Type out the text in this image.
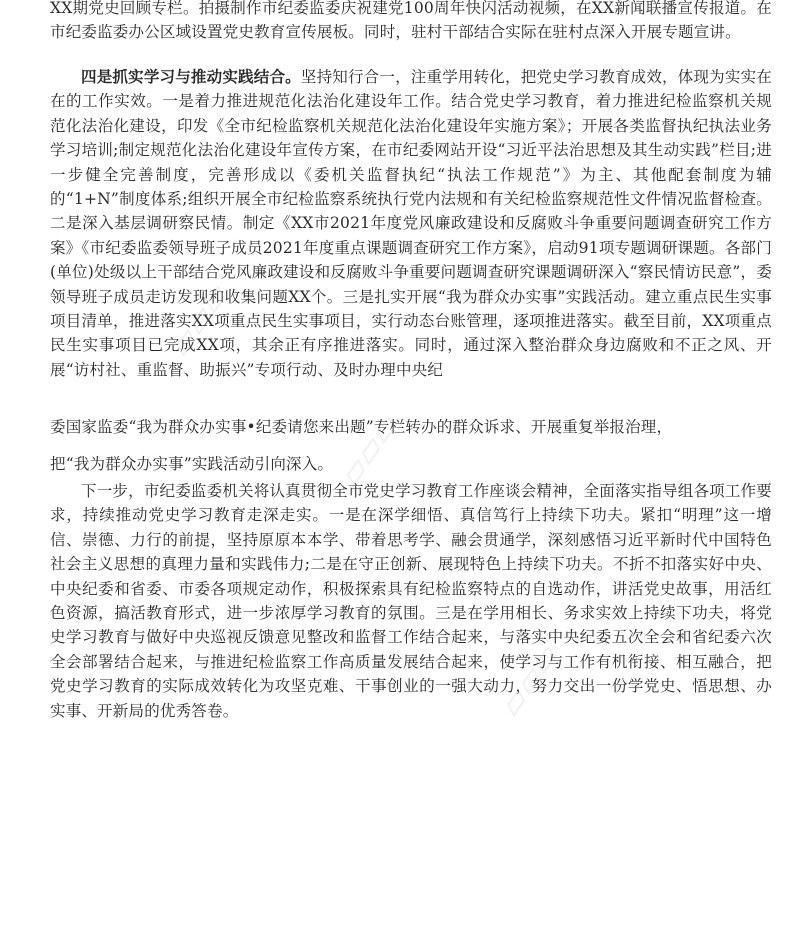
XX期党史回顾专栏。拍摄制作市纪委监委庆祝建党100周年快闪活动视频，在XX新闻联播宣传报道。在市纪委监委办公区域设置党史教育宣传展板。同时，驻村干部结合实际在驻村点深入开展专题宣讲。

四是抓实学习与推动实践结合。坚持知行合一，注重学用转化，把党史学习教育成效，体现为实实在在的工作实效。一是着力推进规范化法治化建设年工作。结合党史学习教育，着力推进纪检监察机关规范化法治化建设，印发《全市纪检监察机关规范化法治化建设年实施方案》；开展各类监督执纪执法业务学习培训;制定规范化法治化建设年宣传方案，在市纪委网站开设“习近平法治思想及其生动实践”栏目;进一步健全完善制度，完善形成以《委机关监督执纪“执法工作规范”》为主、其他配套制度为辅的“1+N”制度体系;组织开展全市纪检监察系统执行党内法规和有关纪检监察规范性文件情况监督检查。二是深入基层调研察民情。制定《XX市2021年度党风廉政建设和反腐败斗争重要问题调查研究工作方案》《市纪委监委领导班子成员2021年度重点课题调查研究工作方案》，启动91项专题调研课题。各部门(单位)处级以上干部结合党风廉政建设和反腐败斗争重要问题调查研究课题调研深入“察民情访民意”，委领导班子成员走访发现和收集问题XX个。三是扎实开展“我为群众办实事”实践活动。建立重点民生实事项目清单，推进落实XX项重点民生实事项目，实行动态台账管理，逐项推进落实。截至目前，XX项重点民生实事项目已完成XX项，其余正有序推进落实。同时，通过深入整治群众身边腐败和不正之风、开展“访村社、重监督、助振兴”专项行动、及时办理中央纪

委国家监委“我为群众办实事•纪委请您来出题”专栏转办的群众诉求、开展重复举报治理，

把“我为群众办实事”实践活动引向深入。

下一步，市纪委监委机关将认真贯彻全市党史学习教育工作座谈会精神，全面落实指导组各项工作要求，持续推动党史学习教育走深走实。一是在深学细悟、真信笃行上持续下功夫。紧扣“明理”这一增信、崇德、力行的前提，坚持原原本本学、带着思考学、融会贯通学，深刻感悟习近平新时代中国特色社会主义思想的真理力量和实践伟力;二是在守正创新、展现特色上持续下功夫。不折不扣落实好中央、中央纪委和省委、市委各项规定动作，积极探索具有纪检监察特点的自选动作，讲活党史故事，用活红色资源，搞活教育形式，进一步浓厚学习教育的氛围。三是在学用相长、务求实效上持续下功夫，将党史学习教育与做好中央巡视反馈意见整改和监督工作结合起来，与落实中央纪委五次全会和省纪委六次全会部署结合起来，与推进纪检监察工作高质量发展结合起来，使学习与工作有机衔接、相互融合，把党史学习教育的实际成效转化为攻坚克难、干事创业的一强大动力，努力交出一份学党史、悟思想、办实事、开新局的优秀答卷。

▱▱▱
▱▱▱
▱▱▱
